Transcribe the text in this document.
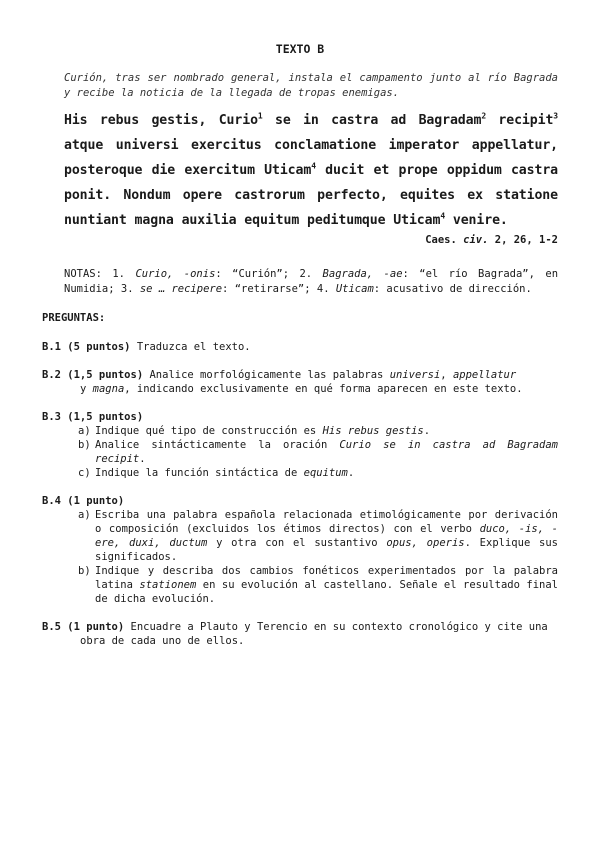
TEXTO B
Curión, tras ser nombrado general, instala el campamento junto al río Bagrada y recibe la noticia de la llegada de tropas enemigas.
His rebus gestis, Curio$^1$ se in castra ad Bagradam$^2$ recipit$^3$ atque universi exercitus conclamatione imperator appellatur, posteroque die exercitum Uticam$^4$ ducit et prope oppidum castra ponit. Nondum opere castrorum perfecto, equites ex statione nuntiant magna auxilia equitum peditumque Uticam$^4$ venire.
Caes. civ. 2, 26, 1-2
NOTAS: 1. Curio, -onis: “Curión”; 2. Bagrada, -ae: “el río Bagrada”, en Numidia; 3. se … recipere: “retirarse”; 4. Uticam: acusativo de dirección.
PREGUNTAS:
B.1 (5 puntos) Traduzca el texto.
B.2 (1,5 puntos) Analice morfológicamente las palabras universi, appellatur
y magna, indicando exclusivamente en qué forma aparecen en este texto.
B.3 (1,5 puntos)
a) Indique qué tipo de construcción es His rebus gestis.
b) Analice sintácticamente la oración Curio se in castra ad Bagradam recipit.
c) Indique la función sintáctica de equitum.
B.4 (1 punto)
a) Escriba una palabra española relacionada etimológicamente por derivación o composición (excluidos los étimos directos) con el verbo duco, -is, -ere, duxi, ductum y otra con el sustantivo opus, operis. Explique sus significados.
b) Indique y describa dos cambios fonéticos experimentados por la palabra latina stationem en su evolución al castellano. Señale el resultado final de dicha evolución.
B.5 (1 punto) Encuadre a Plauto y Terencio en su contexto cronológico y cite una obra de cada uno de ellos.
